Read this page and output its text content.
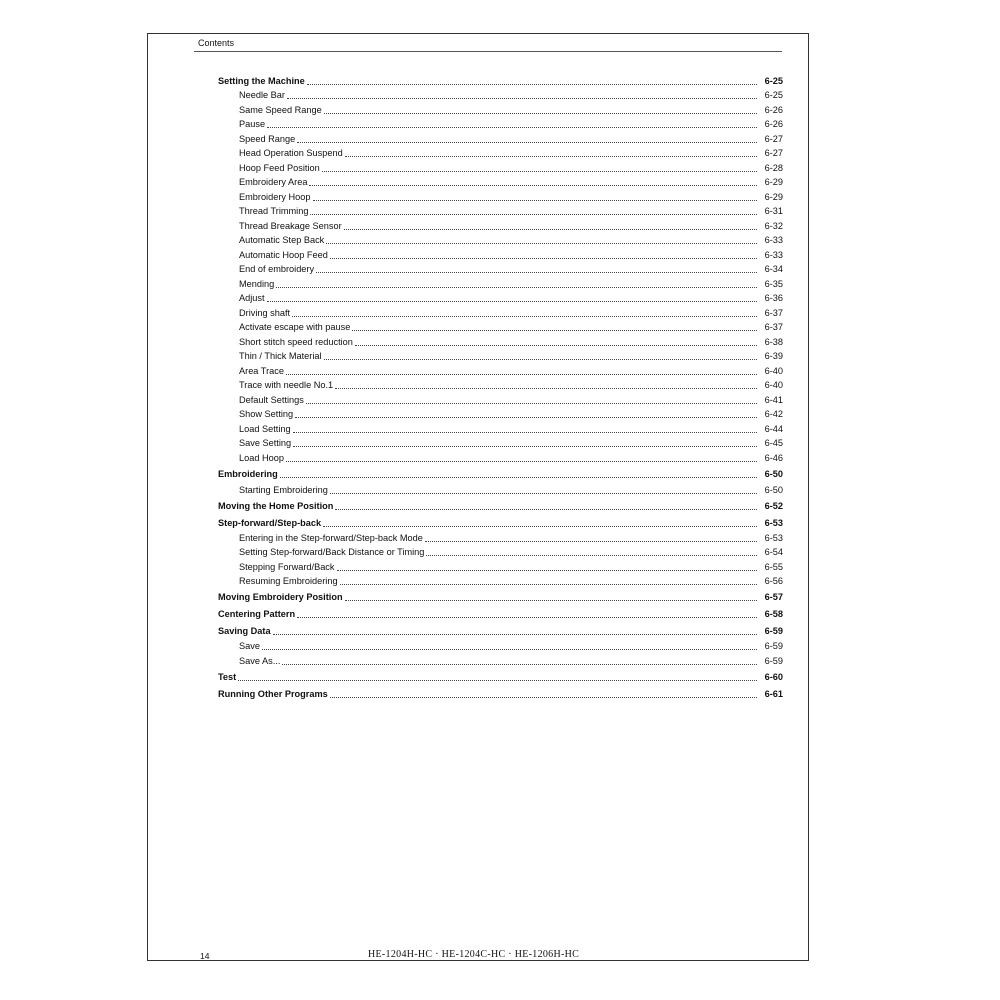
Contents
Setting the Machine	6-25
Needle Bar	6-25
Same Speed Range	6-26
Pause	6-26
Speed Range	6-27
Head Operation Suspend	6-27
Hoop Feed Position	6-28
Embroidery Area	6-29
Embroidery Hoop	6-29
Thread Trimming	6-31
Thread Breakage Sensor	6-32
Automatic Step Back	6-33
Automatic Hoop Feed	6-33
End of embroidery	6-34
Mending	6-35
Adjust	6-36
Driving shaft	6-37
Activate escape with pause	6-37
Short stitch speed reduction	6-38
Thin / Thick Material	6-39
Area Trace	6-40
Trace with needle No.1	6-40
Default Settings	6-41
Show Setting	6-42
Load Setting	6-44
Save Setting	6-45
Load Hoop	6-46
Embroidering	6-50
Starting Embroidering	6-50
Moving the Home Position	6-52
Step-forward/Step-back	6-53
Entering in the Step-forward/Step-back Mode	6-53
Setting Step-forward/Back Distance or Timing	6-54
Stepping Forward/Back	6-55
Resuming Embroidering	6-56
Moving Embroidery Position	6-57
Centering Pattern	6-58
Saving Data	6-59
Save	6-59
Save As...	6-59
Test	6-60
Running Other Programs	6-61
14	HE-1204H-HC · HE-1204C-HC · HE-1206H-HC
